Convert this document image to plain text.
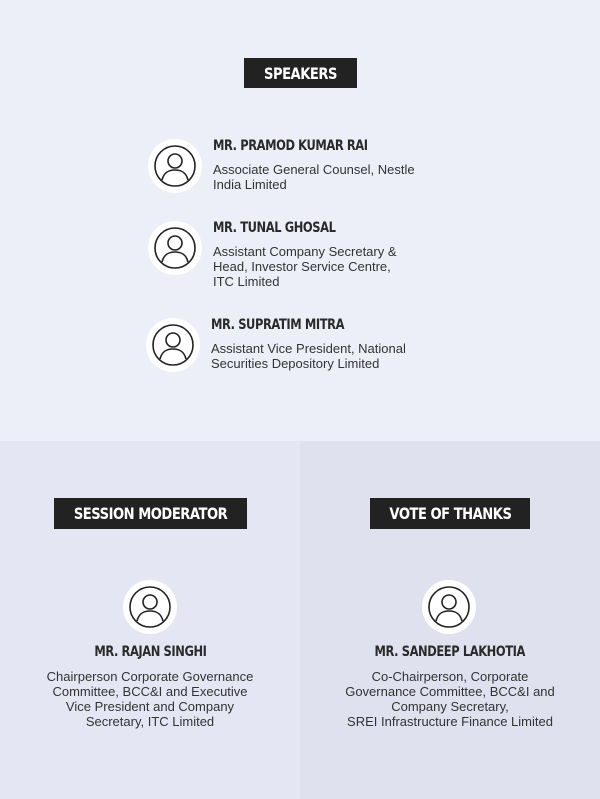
SPEAKERS
MR. PRAMOD KUMAR RAI
Associate General Counsel, Nestle
India Limited
MR. TUNAL GHOSAL
Assistant Company Secretary &
Head, Investor Service Centre,
ITC Limited
MR. SUPRATIM MITRA
Assistant Vice President, National
Securities Depository Limited
SESSION MODERATOR
MR. RAJAN SINGHI
Chairperson Corporate Governance
Committee, BCC&I and Executive
Vice President and Company
Secretary, ITC Limited
VOTE OF THANKS
MR. SANDEEP LAKHOTIA
Co-Chairperson, Corporate
Governance Committee, BCC&I and
Company Secretary,
SREI Infrastructure Finance Limited
